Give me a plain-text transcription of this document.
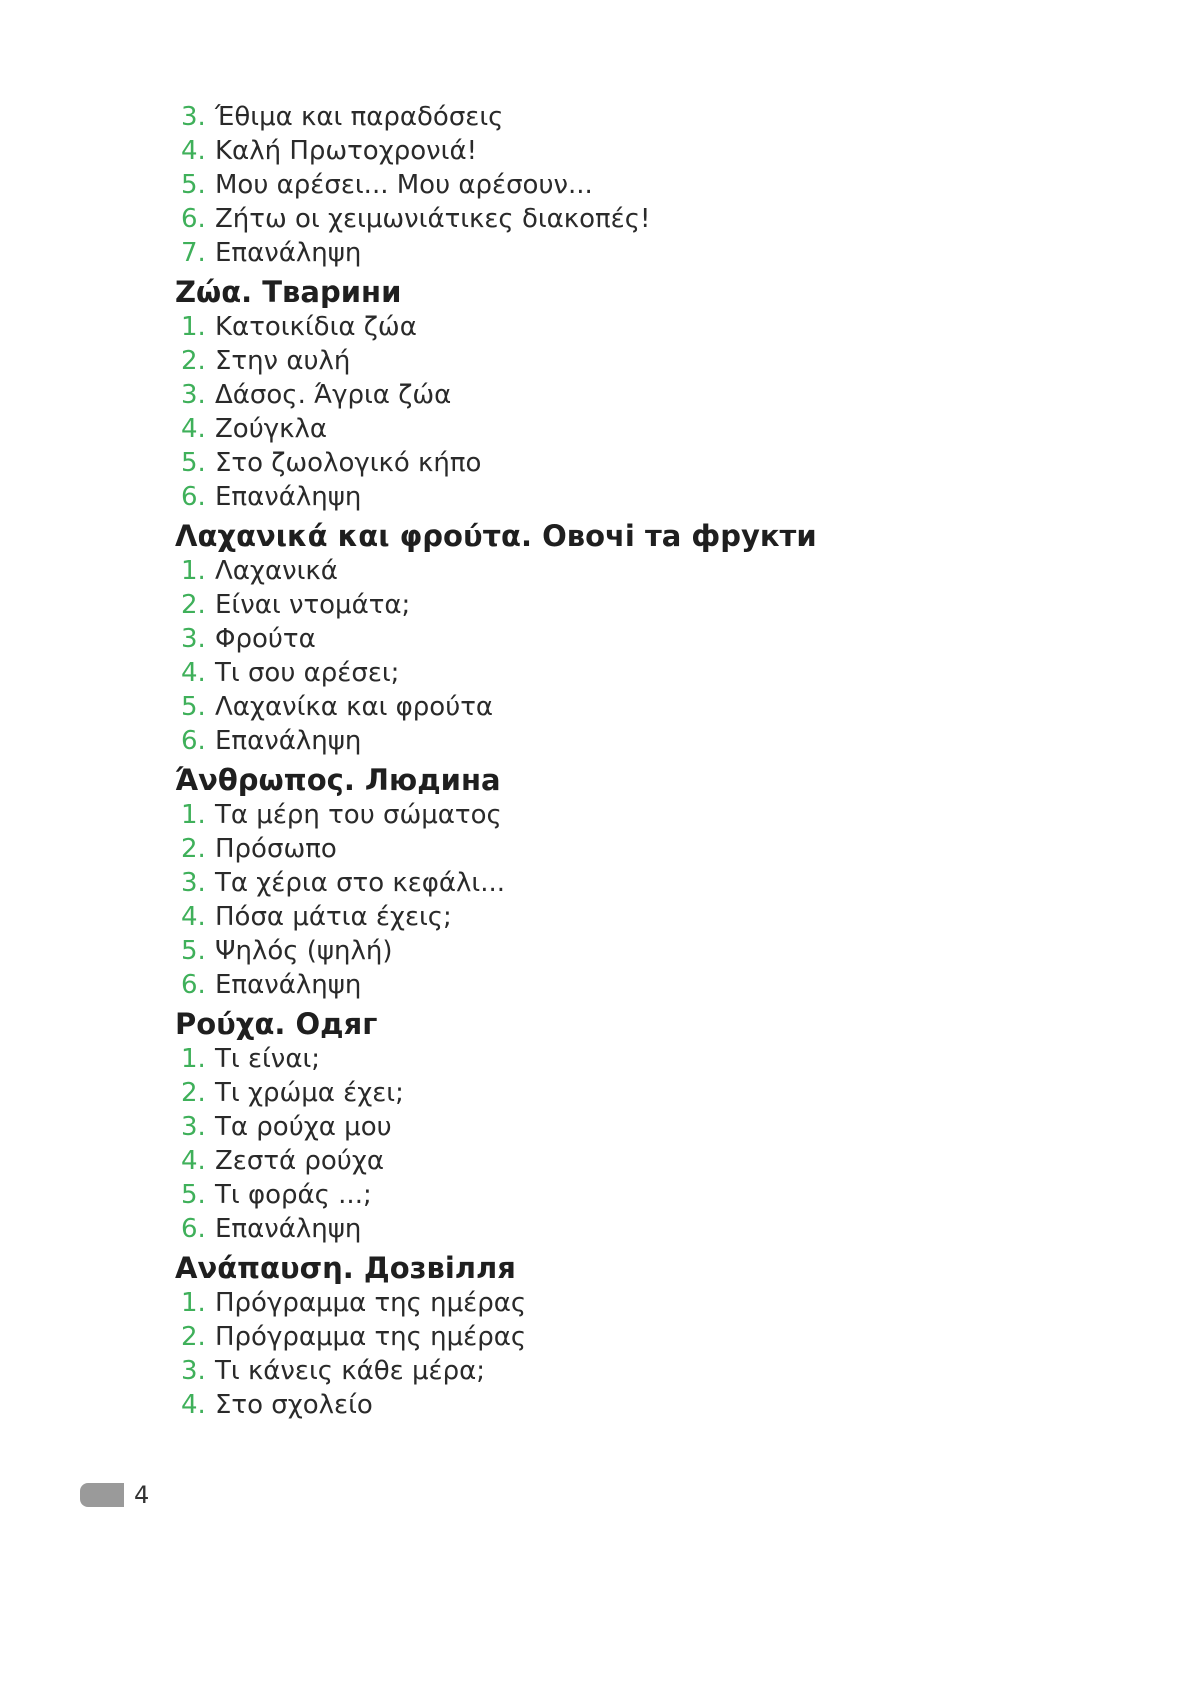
3. Έθιμα και παραδόσεις
4. Καλή Πρωτοχρονιά!
5. Μου αρέσει... Μου αρέσουν...
6. Ζήτω οι χειμωνιάτικες διακοπές!
7. Επανάληψη
Ζώα. Тварини
1. Κατοικίδια ζώα
2. Στην αυλή
3. Δάσος. Άγρια ζώα
4. Ζούγκλα
5. Στο ζωολογικό κήπο
6. Επανάληψη
Λαχανικά και φρούτα. Овочі та фрукти
1. Λαχανικά
2. Είναι ντομάτα;
3. Φρούτα
4. Τι σου αρέσει;
5. Λαχανίκα και φρούτα
6. Επανάληψη
Άνθρωπος. Людина
1. Τα μέρη του σώματος
2. Πρόσωπο
3. Τα χέρια στο κεφάλι...
4. Πόσα μάτια έχεις;
5. Ψηλός (ψηλή)
6. Επανάληψη
Ρούχα. Одяг
1. Τι είναι;
2. Τι χρώμα έχει;
3. Τα ρούχα μου
4. Ζεστά ρούχα
5. Τι φοράς ...;
6. Επανάληψη
Ανάπαυση. Дозвілля
1. Πρόγραμμα της ημέρας
2. Πρόγραμμα της ημέρας
3. Τι κάνεις κάθε μέρα;
4. Στο σχολείο
4
